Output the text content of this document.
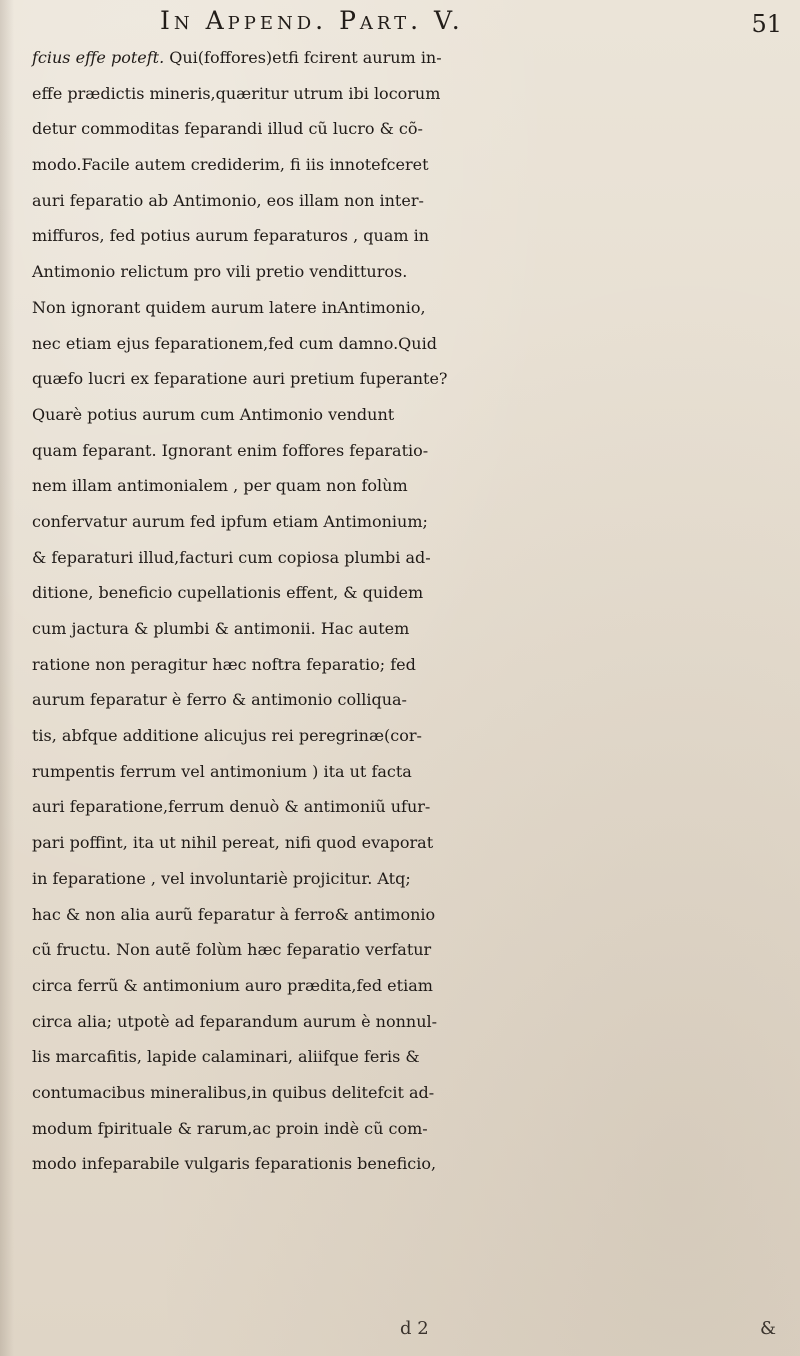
In Append. Part. V.	51
fcius effe poteft. Qui(foffores)etfi fcirent aurum in-
effe prædictis mineris,quæritur utrum ibi locorum
detur commoditas feparandi illud cũ lucro & cõ-
modo.Facile autem crediderim, fi iis innotefceret
auri feparatio ab Antimonio, eos illam non inter-
miffuros, fed potius aurum feparaturos , quam in
Antimonio relictum pro vili pretio venditturos.
Non ignorant quidem aurum latere inAntimonio,
nec etiam ejus feparationem,fed cum damno.Quid
quæfo lucri ex feparatione auri pretium fuperante?
Quarè potius aurum cum Antimonio vendunt
quam feparant. Ignorant enim foffores feparatio-
nem illam antimonialem , per quam non folùm
confervatur aurum fed ipfum etiam Antimonium;
& feparaturi illud,facturi cum copiosa plumbi ad-
ditione, beneficio cupellationis effent, & quidem
cum jactura & plumbi & antimonii. Hac autem
ratione non peragitur hæc noftra feparatio; fed
aurum feparatur è ferro & antimonio colliqua-
tis, abfque additione alicujus rei peregrinæ(cor-
rumpentis ferrum vel antimonium ) ita ut facta
auri feparatione,ferrum denuò & antimoniũ ufur-
pari poffint, ita ut nihil pereat, nifi quod evaporat
in feparatione , vel involuntariè projicitur. Atq;
hac & non alia aurũ feparatur à ferro& antimonio
cũ fructu. Non autẽ folùm hæc feparatio verfatur
circa ferrũ & antimonium auro prædita,fed etiam
circa alia; utpotè ad feparandum aurum è nonnul-
lis marcafitis, lapide calaminari, aliifque feris &
contumacibus mineralibus,in quibus delitefcit ad-
modum fpirituale & rarum,ac proin indè cũ com-
modo infeparabile vulgaris feparationis beneficio,
d 2	&
